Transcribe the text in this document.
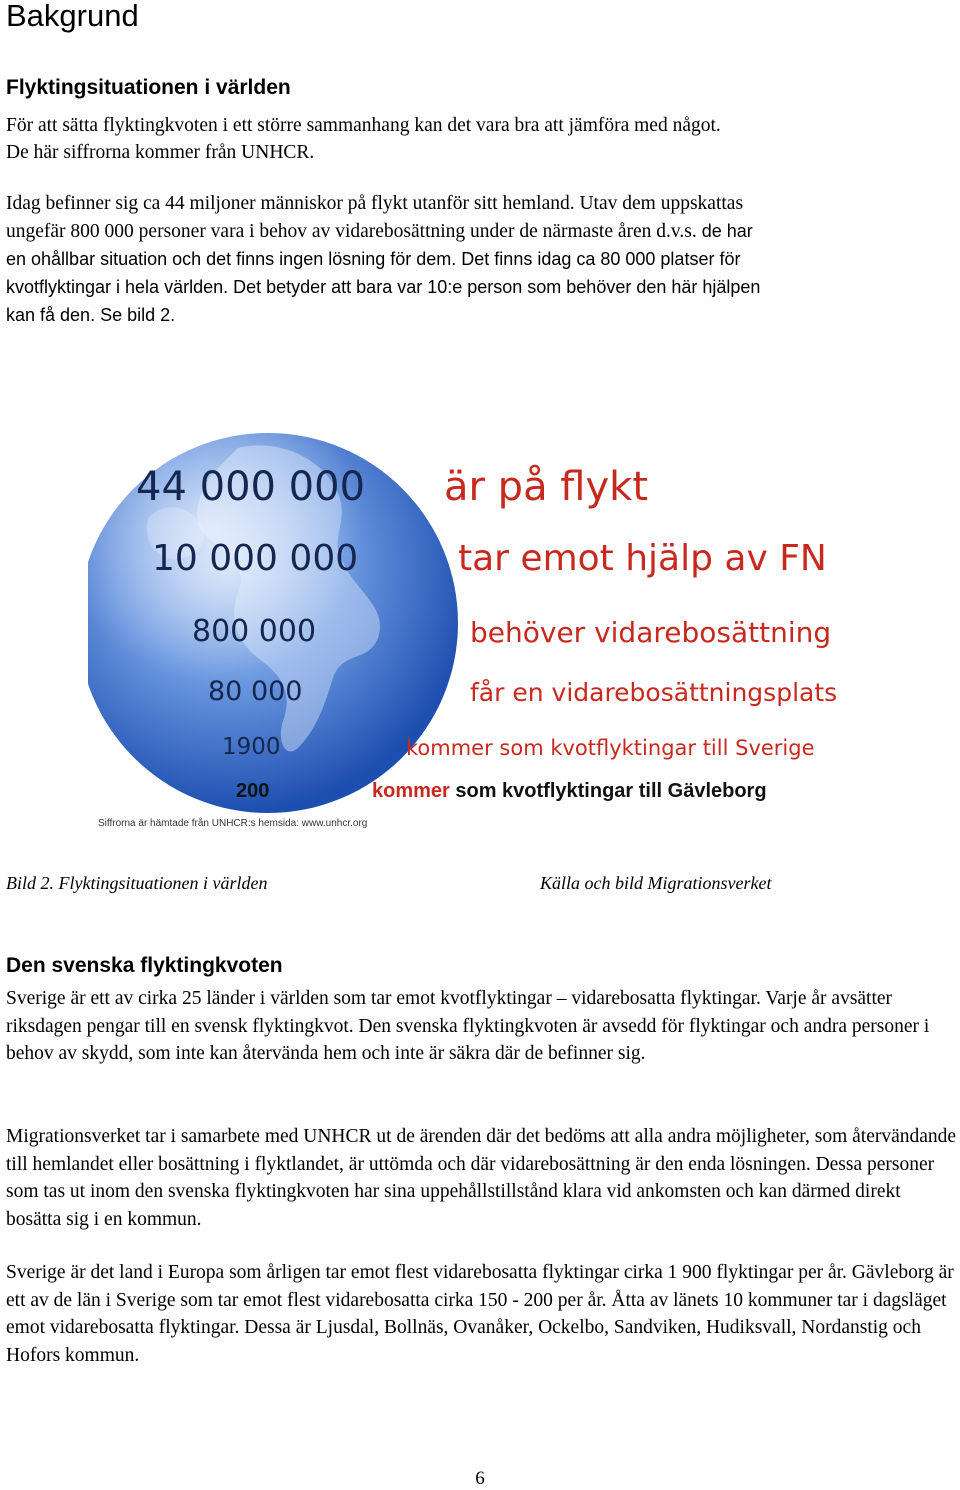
Bakgrund
Flyktingsituationen i världen
För att sätta flyktingkvoten i ett större sammanhang kan det vara bra att jämföra med något.
De här siffrorna kommer från UNHCR.
Idag befinner sig ca 44 miljoner människor på flykt utanför sitt hemland. Utav dem uppskattas
ungefär 800 000 personer vara i behov av vidarebosättning under de närmaste åren d.v.s. de har
en ohållbar situation och det finns ingen lösning för dem. Det finns idag ca 80 000 platser för
kvotflyktingar i hela världen. Det betyder att bara var 10:e person som behöver den här hjälpen
kan få den. Se bild 2.
44 000 000 är på flykt
10 000 000	tar emot hjälp av FN
800 000	behöver vidarebosättning
80 000	får en vidarebosättningsplats
1900	kommer som kvotflyktingar till Sverige
200	kommer som kvotflyktingar till Gävleborg
Siffrorna är hämtade från UNHCR:s hemsida: www.unhcr.org
Bild 2. Flyktingsituationen i världen	Källa och bild Migrationsverket
Den svenska flyktingkvoten

Sverige är ett av cirka 25 länder i världen som tar emot kvotflyktingar – vidarebosatta flyktingar. Varje år avsätter riksdagen pengar till en svensk flyktingkvot. Den svenska flyktingkvoten är avsedd för flyktingar och andra personer i behov av skydd, som inte kan återvända hem och inte är säkra där de befinner sig.

Migrationsverket tar i samarbete med UNHCR ut de ärenden där det bedöms att alla andra möjligheter, som återvändande till hemlandet eller bosättning i flyktlandet, är uttömda och där vidarebosättning är den enda lösningen. Dessa personer som tas ut inom den svenska flyktingkvoten har sina uppehållstillstånd klara vid ankomsten och kan därmed direkt bosätta sig i en kommun.

Sverige är det land i Europa som årligen tar emot flest vidarebosatta flyktingar cirka 1 900 flyktingar per år. Gävleborg är ett av de län i Sverige som tar emot flest vidarebosatta cirka 150 - 200 per år. Åtta av länets 10 kommuner tar i dagsläget emot vidarebosatta flyktingar. Dessa är Ljusdal, Bollnäs, Ovanåker, Ockelbo, Sandviken, Hudiksvall, Nordanstig och Hofors kommun.

6
